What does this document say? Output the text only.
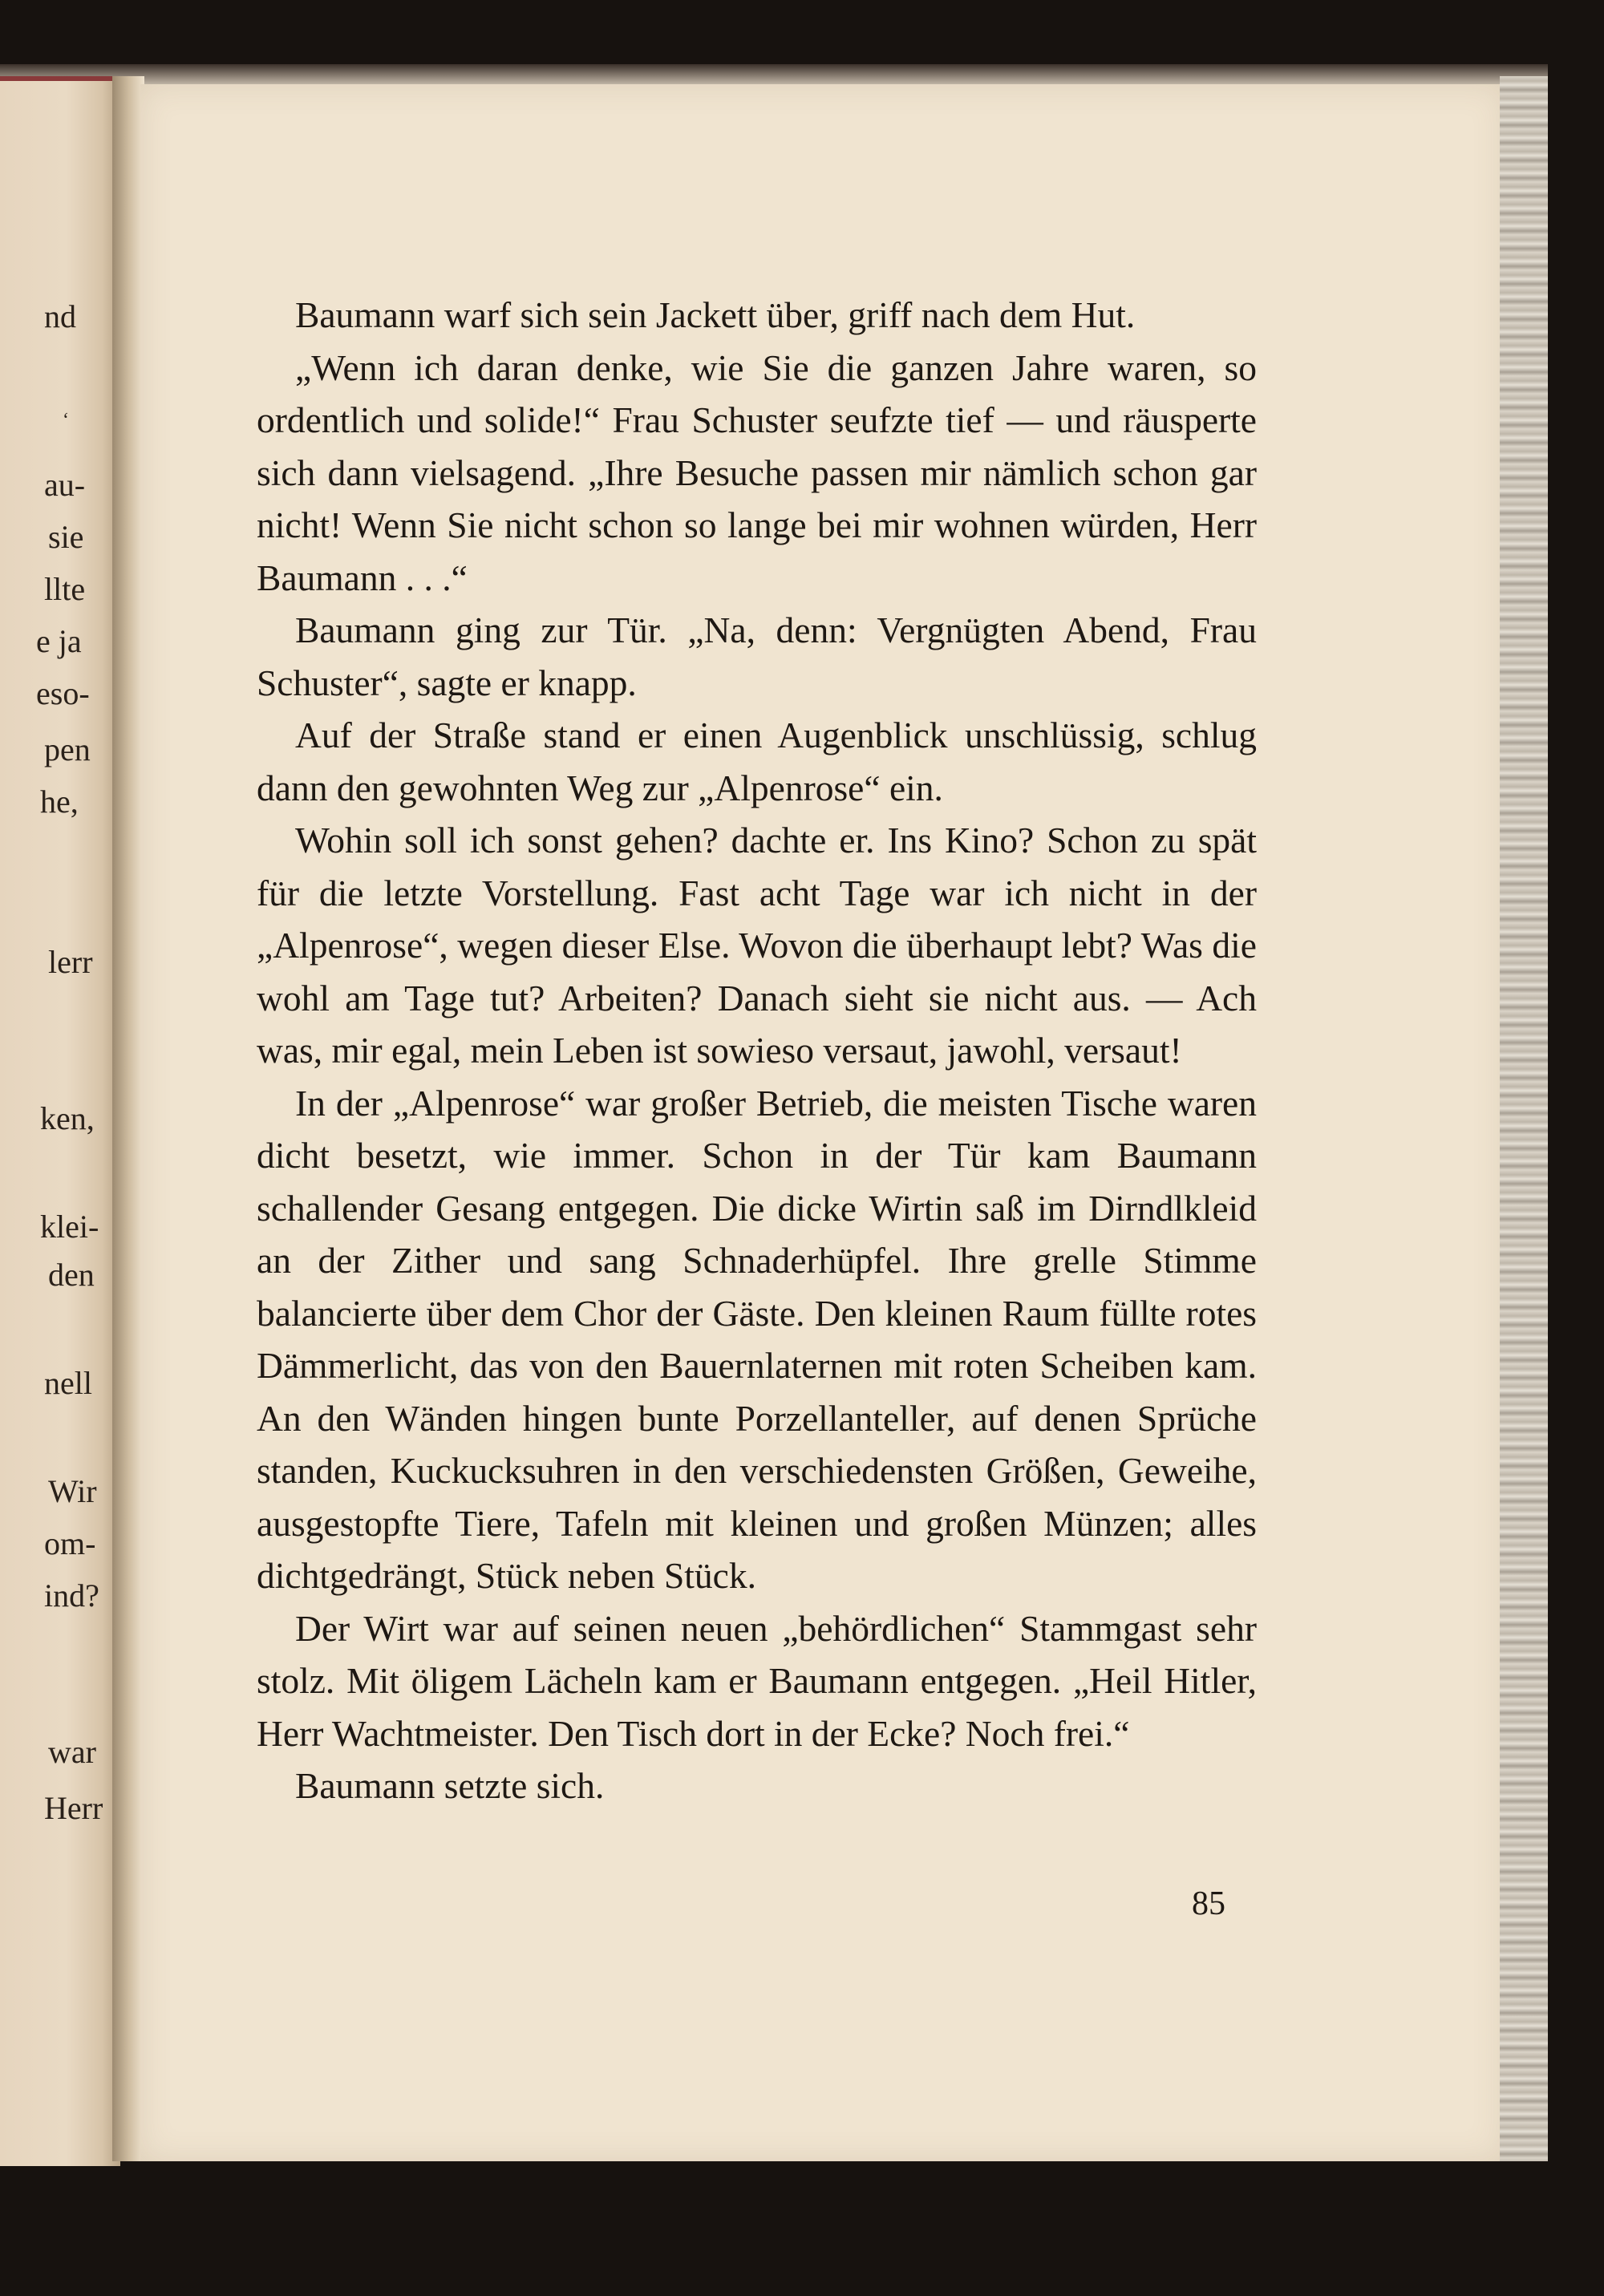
nd
‘
au-
sie
llte
e ja
eso-
pen
he,
lerr
ken,
klei-
den
nell
Wir
om-
ind?
war
Herr

Baumann warf sich sein Jackett über, griff nach dem Hut.

„Wenn ich daran denke, wie Sie die ganzen Jahre waren, so ordentlich und solide!“ Frau Schuster seufzte tief — und räusperte sich dann vielsagend. „Ihre Besuche passen mir nämlich schon gar nicht! Wenn Sie nicht schon so lange bei mir wohnen würden, Herr Baumann . . .“

Baumann ging zur Tür. „Na, denn: Vergnügten Abend, Frau Schuster“, sagte er knapp.

Auf der Straße stand er einen Augenblick unschlüssig, schlug dann den gewohnten Weg zur „Alpenrose“ ein.

Wohin soll ich sonst gehen? dachte er. Ins Kino? Schon zu spät für die letzte Vorstellung. Fast acht Tage war ich nicht in der „Alpenrose“, wegen dieser Else. Wovon die überhaupt lebt? Was die wohl am Tage tut? Arbeiten? Danach sieht sie nicht aus. — Ach was, mir egal, mein Leben ist sowieso versaut, jawohl, versaut!

In der „Alpenrose“ war großer Betrieb, die meisten Tische waren dicht besetzt, wie immer. Schon in der Tür kam Baumann schallender Gesang entgegen. Die dicke Wirtin saß im Dirndlkleid an der Zither und sang Schnaderhüpfel. Ihre grelle Stimme balancierte über dem Chor der Gäste. Den kleinen Raum füllte rotes Dämmerlicht, das von den Bauernlaternen mit roten Scheiben kam. An den Wänden hingen bunte Porzellanteller, auf denen Sprüche standen, Kuckucksuhren in den verschiedensten Größen, Geweihe, ausgestopfte Tiere, Tafeln mit kleinen und großen Münzen; alles dichtgedrängt, Stück neben Stück.

Der Wirt war auf seinen neuen „behördlichen“ Stammgast sehr stolz. Mit öligem Lächeln kam er Baumann entgegen. „Heil Hitler, Herr Wachtmeister. Den Tisch dort in der Ecke? Noch frei.“

Baumann setzte sich.

85
